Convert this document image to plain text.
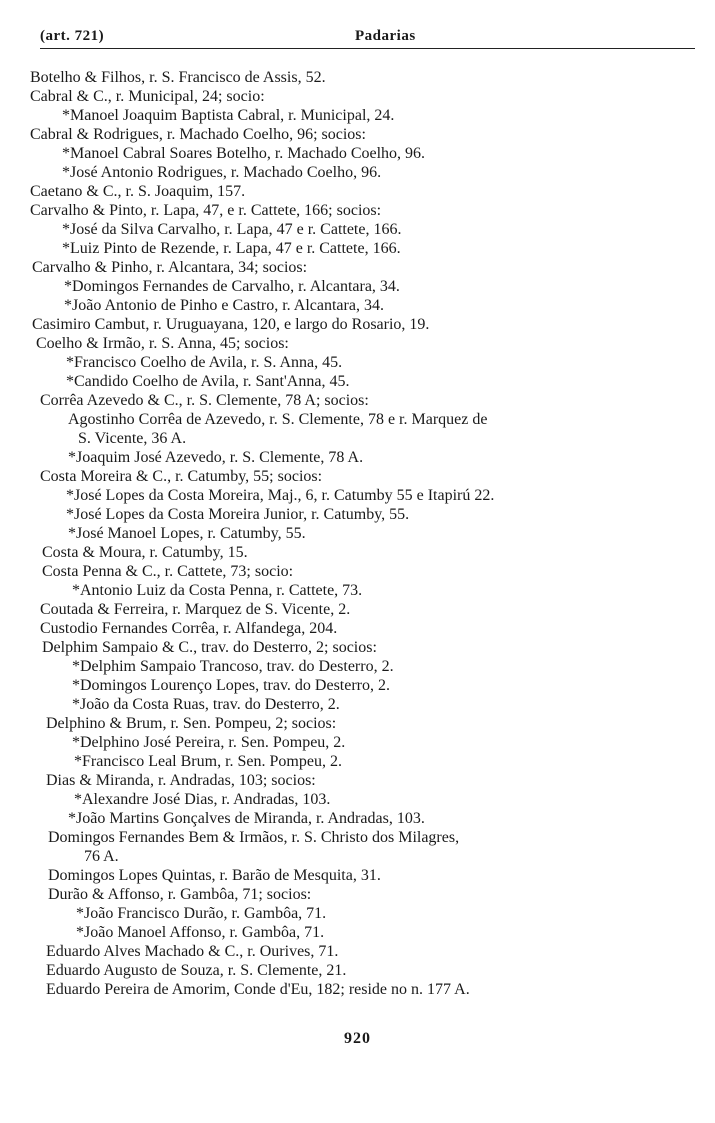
(art. 721)	Padarias
Botelho & Filhos, r. S. Francisco de Assis, 52.
Cabral & C., r. Municipal, 24; socio:
*Manoel Joaquim Baptista Cabral, r. Municipal, 24.
Cabral & Rodrigues, r. Machado Coelho, 96; socios:
*Manoel Cabral Soares Botelho, r. Machado Coelho, 96.
*José Antonio Rodrigues, r. Machado Coelho, 96.
Caetano & C., r. S. Joaquim, 157.
Carvalho & Pinto, r. Lapa, 47, e r. Cattete, 166; socios:
*José da Silva Carvalho, r. Lapa, 47 e r. Cattete, 166.
*Luiz Pinto de Rezende, r. Lapa, 47 e r. Cattete, 166.
Carvalho & Pinho, r. Alcantara, 34; socios:
*Domingos Fernandes de Carvalho, r. Alcantara, 34.
*João Antonio de Pinho e Castro, r. Alcantara, 34.
Casimiro Cambut, r. Uruguayana, 120, e largo do Rosario, 19.
Coelho & Irmão, r. S. Anna, 45; socios:
*Francisco Coelho de Avila, r. S. Anna, 45.
*Candido Coelho de Avila, r. Sant'Anna, 45.
Corrêa Azevedo & C., r. S. Clemente, 78 A; socios:
Agostinho Corrêa de Azevedo, r. S. Clemente, 78 e r. Marquez de
S. Vicente, 36 A.
*Joaquim José Azevedo, r. S. Clemente, 78 A.
Costa Moreira & C., r. Catumby, 55; socios:
*José Lopes da Costa Moreira, Maj., 6, r. Catumby 55 e Itapirú 22.
*José Lopes da Costa Moreira Junior, r. Catumby, 55.
*José Manoel Lopes, r. Catumby, 55.
Costa & Moura, r. Catumby, 15.
Costa Penna & C., r. Cattete, 73; socio:
*Antonio Luiz da Costa Penna, r. Cattete, 73.
Coutada & Ferreira, r. Marquez de S. Vicente, 2.
Custodio Fernandes Corrêa, r. Alfandega, 204.
Delphim Sampaio & C., trav. do Desterro, 2; socios:
*Delphim Sampaio Trancoso, trav. do Desterro, 2.
*Domingos Lourenço Lopes, trav. do Desterro, 2.
*João da Costa Ruas, trav. do Desterro, 2.
Delphino & Brum, r. Sen. Pompeu, 2; socios:
*Delphino José Pereira, r. Sen. Pompeu, 2.
*Francisco Leal Brum, r. Sen. Pompeu, 2.
Dias & Miranda, r. Andradas, 103; socios:
*Alexandre José Dias, r. Andradas, 103.
*João Martins Gonçalves de Miranda, r. Andradas, 103.
Domingos Fernandes Bem & Irmãos, r. S. Christo dos Milagres,
76 A.
Domingos Lopes Quintas, r. Barão de Mesquita, 31.
Durão & Affonso, r. Gambôa, 71; socios:
*João Francisco Durão, r. Gambôa, 71.
*João Manoel Affonso, r. Gambôa, 71.
Eduardo Alves Machado & C., r. Ourives, 71.
Eduardo Augusto de Souza, r. S. Clemente, 21.
Eduardo Pereira de Amorim, Conde d'Eu, 182; reside no n. 177 A.
920
